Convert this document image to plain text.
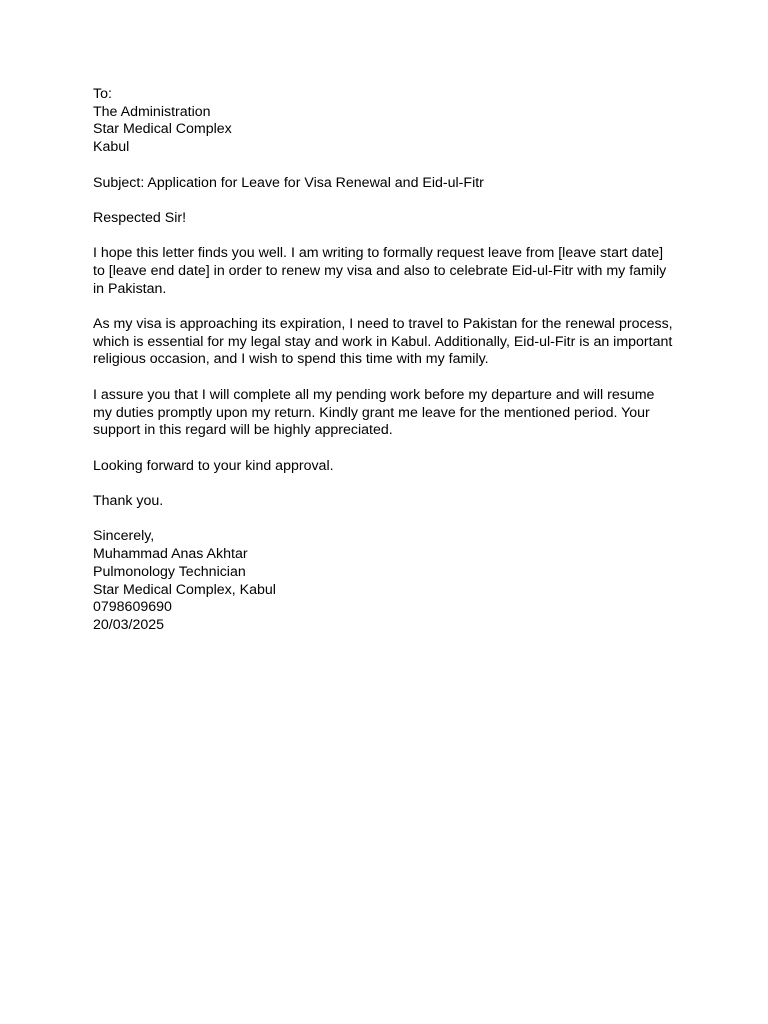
To:
The Administration
Star Medical Complex
Kabul
Subject: Application for Leave for Visa Renewal and Eid-ul-Fitr
Respected Sir!
I hope this letter finds you well. I am writing to formally request leave from [leave start date]
to [leave end date] in order to renew my visa and also to celebrate Eid-ul-Fitr with my family
in Pakistan.
As my visa is approaching its expiration, I need to travel to Pakistan for the renewal process,
which is essential for my legal stay and work in Kabul. Additionally, Eid-ul-Fitr is an important
religious occasion, and I wish to spend this time with my family.
I assure you that I will complete all my pending work before my departure and will resume
my duties promptly upon my return. Kindly grant me leave for the mentioned period. Your
support in this regard will be highly appreciated.
Looking forward to your kind approval.
Thank you.
Sincerely,
Muhammad Anas Akhtar
Pulmonology Technician
Star Medical Complex, Kabul
0798609690
20/03/2025
